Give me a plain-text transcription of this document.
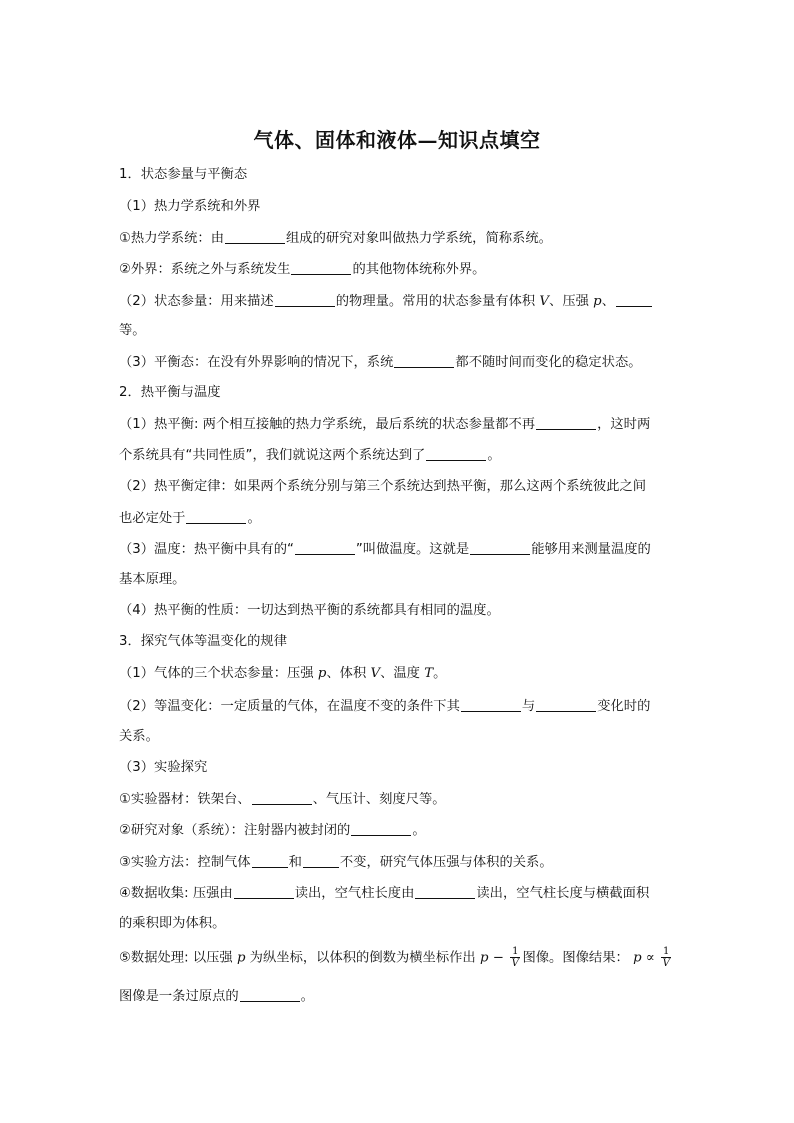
气体、固体和液体—知识点填空
1．状态参量与平衡态
（1）热力学系统和外界
①热力学系统：由	组成的研究对象叫做热力学系统，简称系统。
②外界：系统之外与系统发生	的其他物体统称外界。
（2）状态参量：用来描述	的物理量。常用的状态参量有体积 V、压强 p、
等。
（3）平衡态：在没有外界影响的情况下，系统	都不随时间而变化的稳定状态。
2．热平衡与温度
（1）热平衡: 两个相互接触的热力学系统，最后系统的状态参量都不再	，这时两
个系统具有“共同性质”，我们就说这两个系统达到了	。
（2）热平衡定律：如果两个系统分别与第三个系统达到热平衡，那么这两个系统彼此之间
也必定处于	。
（3）温度：热平衡中具有的“	”叫做温度。这就是	能够用来测量温度的
基本原理。
（4）热平衡的性质：一切达到热平衡的系统都具有相同的温度。
3．探究气体等温变化的规律
（1）气体的三个状态参量：压强 p、体积 V、温度 T。
（2）等温变化：一定质量的气体，在温度不变的条件下其	与	变化时的
关系。
（3）实验探究
①实验器材：铁架台、	、气压计、刻度尺等。
②研究对象（系统）：注射器内被封闭的	。
③实验方法：控制气体	和	不变，研究气体压强与体积的关系。
④数据收集: 压强由	读出，空气柱长度由	读出，空气柱长度与横截面积
的乘积即为体积。
⑤数据处理: 以压强 p 为纵坐标，以体积的倒数为横坐标作出 $p - \frac{1}{V}$ 图像。图像结果： $p \propto \frac{1}{V}$
图像是一条过原点的	。
